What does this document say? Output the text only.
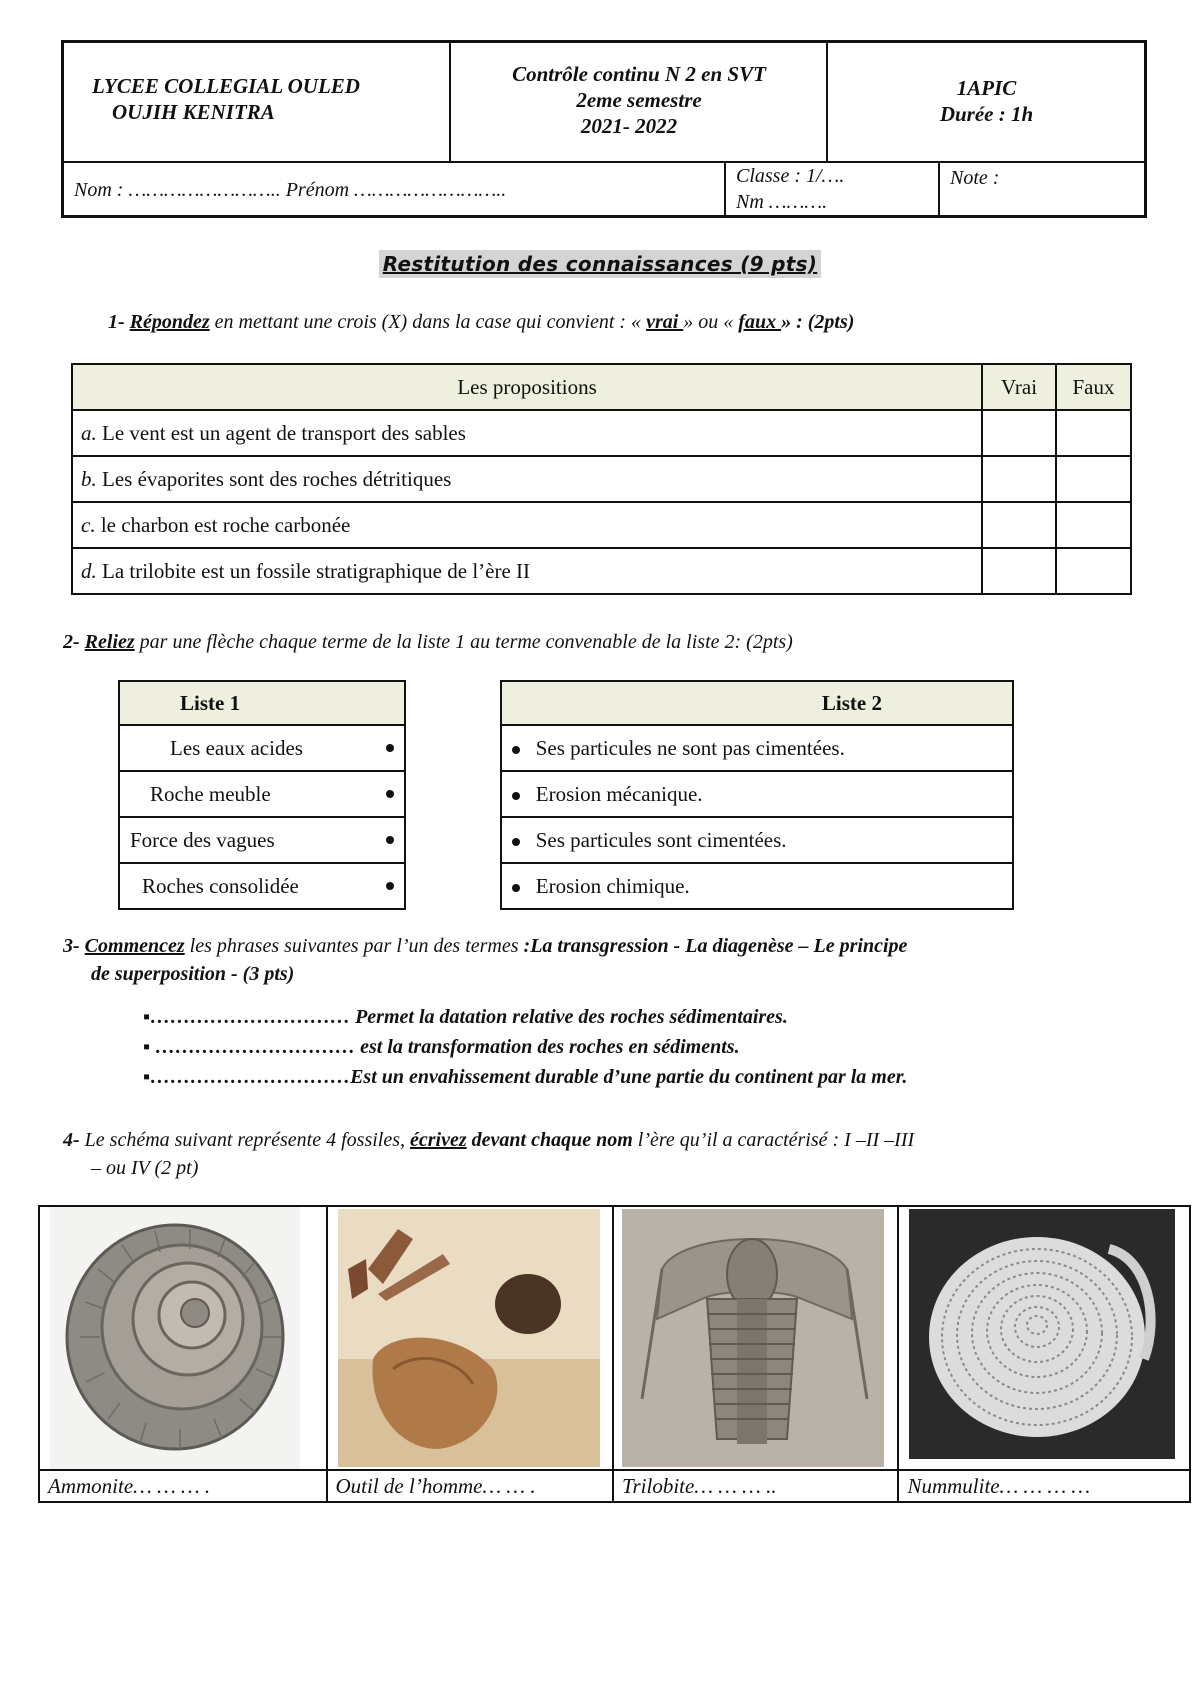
LYCEE COLLEGIAL OULED
OUJIH KENITRA
Contrôle continu N 2 en SVT
2eme semestre
2021- 2022
1APIC
Durée : 1h
Nom : …………………….. Prénom ……………………..
Classe : 1/….
Nm ……….
Note :
Restitution des connaissances (9 pts)
1- Répondez en mettant une crois (X) dans la case qui convient : « vrai » ou « faux » : (2pts)
Les propositions	Vrai	Faux
a. Le vent est un agent de transport des sables		
b. Les évaporites sont des roches détritiques		
c. le charbon est roche carbonée		
d. La trilobite est un fossile stratigraphique de l’ère II		
2- Reliez par une flèche chaque terme de la liste 1 au terme convenable de la liste 2: (2pts)
Liste 1

Les eaux acides

Roche meuble

Force des vagues

Roches consolidée
Liste 2
Ses particules ne sont pas cimentées.
Erosion mécanique.
Ses particules sont cimentées.
Erosion chimique.
3- Commencez les phrases suivantes par l’un des termes :La transgression - La diagenèse – Le principe
de superposition - (3 pts)
▪………………………… Permet la datation relative des roches sédimentaires.
▪ ………………………… est la transformation des roches en sédiments.
▪…………………………Est un envahissement durable d’une partie du continent par la mer.
4- Le schéma suivant représente 4 fossiles, écrivez devant chaque nom l’ère qu’il a caractérisé : I –II –III
– ou IV (2 pt)

Ammonite… … … .	Outil de l’homme… … .	Trilobite… … … ..	Nummulite… … … …
